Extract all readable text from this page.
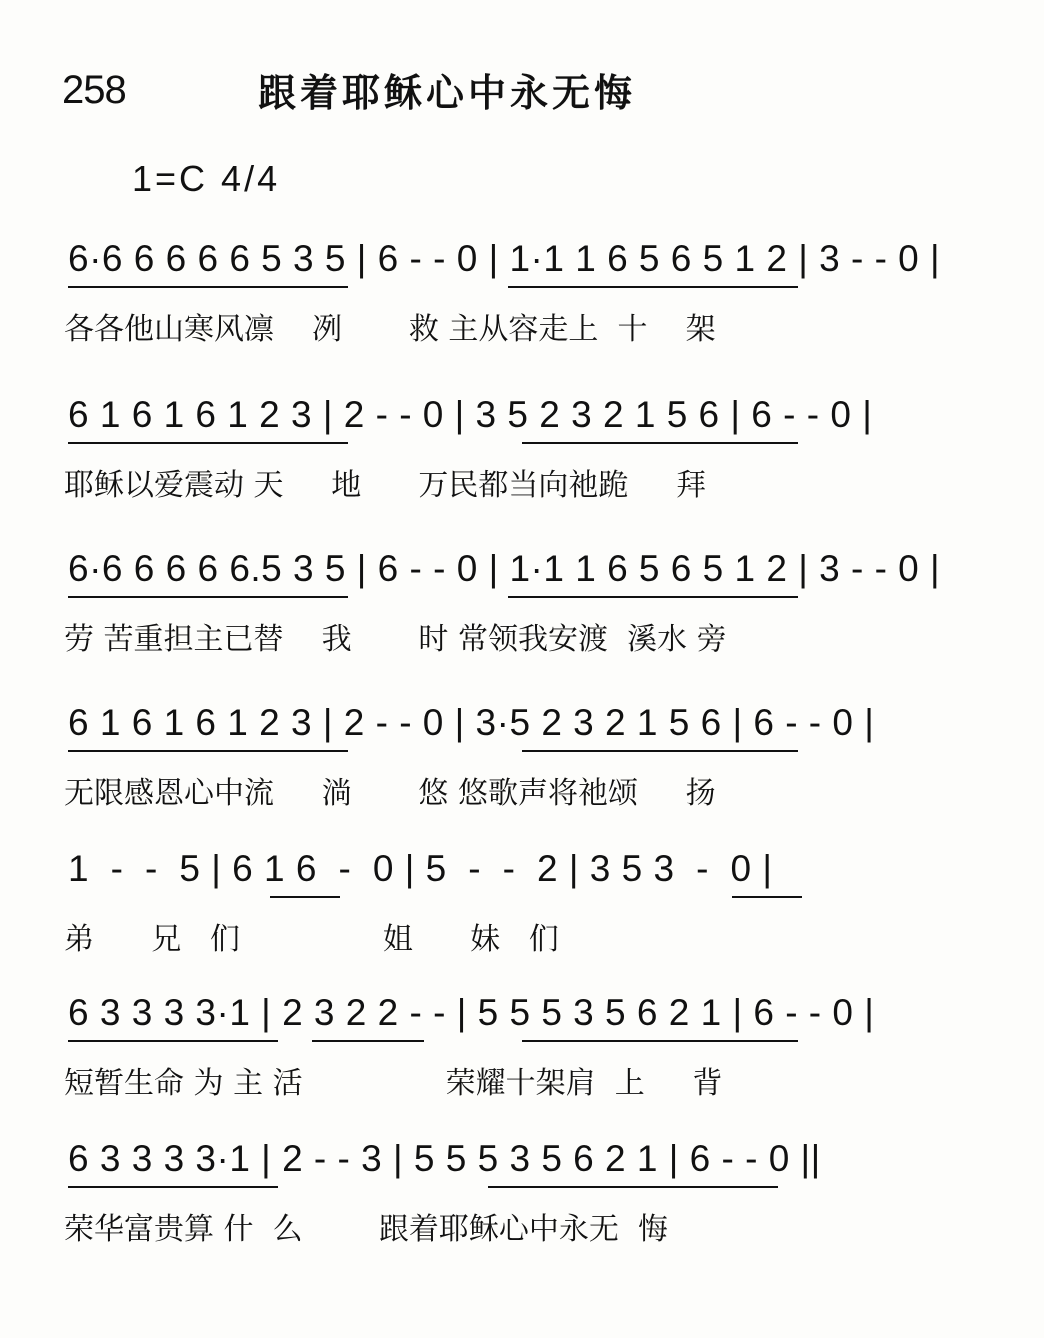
258	跟着耶稣心中永无悔
1=C 4/4

6·6 6 6 6 6 5 3 5 | 6 - - 0 | 1·1 1 6 5 6 5 1 2 | 3 - - 0 |

各各他山寒风凛    冽       救 主从容走上  十    架

6 1 6 1 6 1 2 3 | 2 - - 0 | 3 5 2 3 2 1 5 6 | 6 - - 0 |

耶稣以爱震动 天     地      万民都当向祂跪     拜

6·6 6 6 6 6.5 3 5 | 6 - - 0 | 1·1 1 6 5 6 5 1 2 | 3 - - 0 |

劳 苦重担主已替    我       时 常领我安渡  溪水 旁

6 1 6 1 6 1 2 3 | 2 - - 0 | 3·5 2 3 2 1 5 6 | 6 - - 0 |

无限感恩心中流     淌       悠 悠歌声将祂颂     扬

1  -  -  5 | 6 1 6  -  0 | 5  -  -  2 | 3 5 3  -  0 |

弟      兄   们               姐      妹   们

6 3 3 3 3·1 | 2 3 2 2 - - | 5 5 5 3 5 6 2 1 | 6 - - 0 |

短暂生命 为 主 活               荣耀十架肩  上     背

6 3 3 3 3·1 | 2 - - 3 | 5 5 5 3 5 6 2 1 | 6 - - 0 ||

荣华富贵算 什  么        跟着耶稣心中永无  悔
